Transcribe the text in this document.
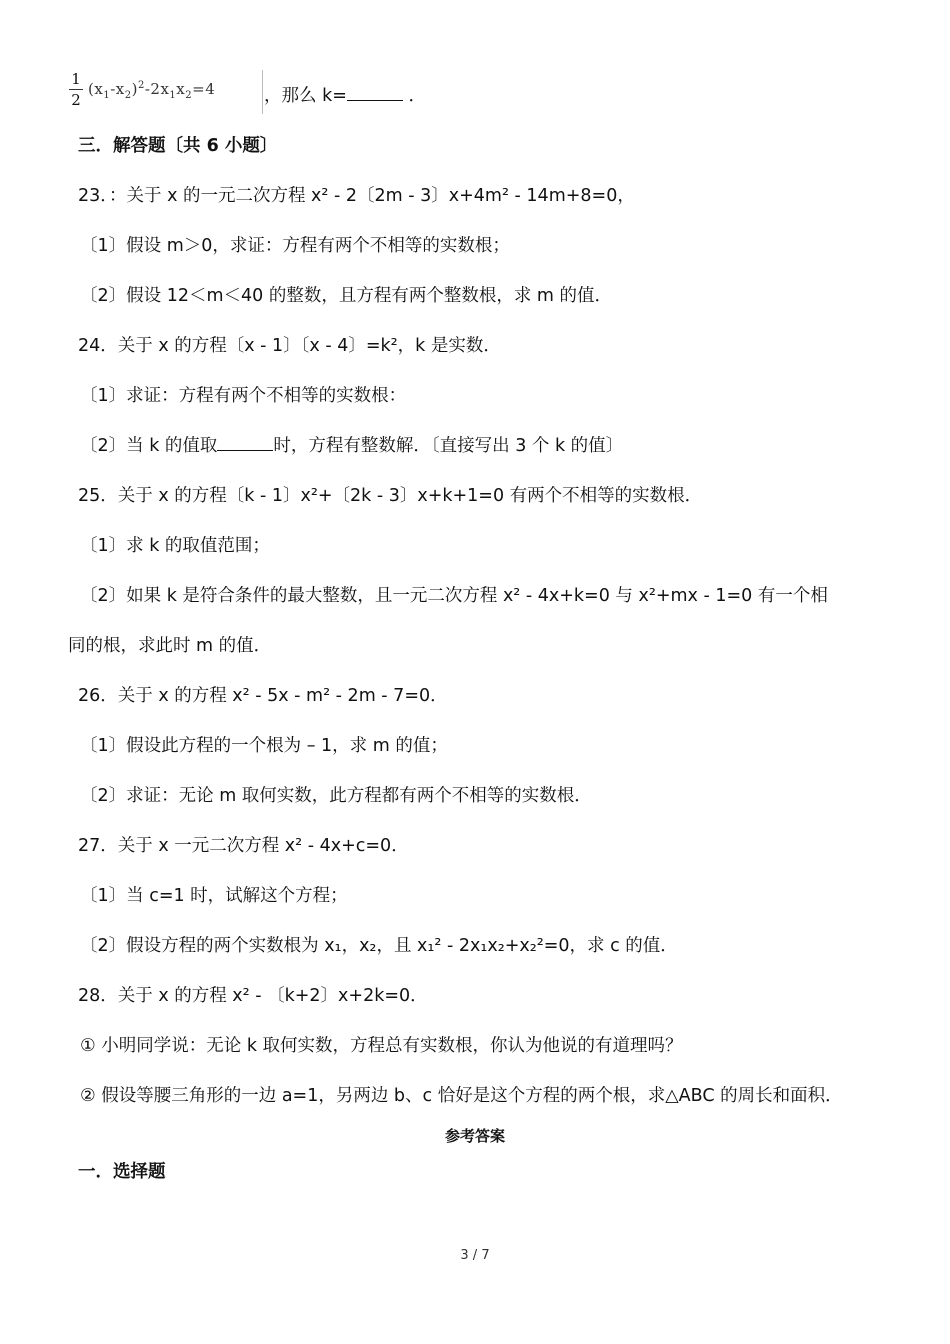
1
2
$(x_1-x_2)^2-2x_1x_2=4$	，那么 k=	．
三．解答题〔共 6 小题〕
23．：关于 x 的一元二次方程 x² - 2〔2m - 3〕x+4m² - 14m+8=0，
〔1〕假设 m＞0，求证：方程有两个不相等的实数根；
〔2〕假设 12＜m＜40 的整数，且方程有两个整数根，求 m 的值．
24．关于 x 的方程〔x - 1〕〔x - 4〕=k²，k 是实数．
〔1〕求证：方程有两个不相等的实数根：
〔2〕当 k 的值取	时，方程有整数解．〔直接写出 3 个 k 的值〕
25．关于 x 的方程〔k - 1〕x²+〔2k - 3〕x+k+1=0 有两个不相等的实数根．
〔1〕求 k 的取值范围；
〔2〕如果 k 是符合条件的最大整数，且一元二次方程 x² - 4x+k=0 与 x²+mx - 1=0 有一个相
同的根，求此时 m 的值．
26．关于 x 的方程 x² - 5x - m² - 2m - 7=0．
〔1〕假设此方程的一个根为 – 1，求 m 的值；
〔2〕求证：无论 m 取何实数，此方程都有两个不相等的实数根．
27．关于 x 一元二次方程 x² - 4x+c=0．
〔1〕当 c=1 时，试解这个方程；
〔2〕假设方程的两个实数根为 x₁，x₂，且 x₁² - 2x₁x₂+x₂²=0，求 c 的值．
28．关于 x 的方程 x² - 〔k+2〕x+2k=0．
① 小明同学说：无论 k 取何实数，方程总有实数根，你认为他说的有道理吗？
② 假设等腰三角形的一边 a=1，另两边 b、c 恰好是这个方程的两个根，求△ABC 的周长和面积．
参考答案
一．选择题
3 / 7
